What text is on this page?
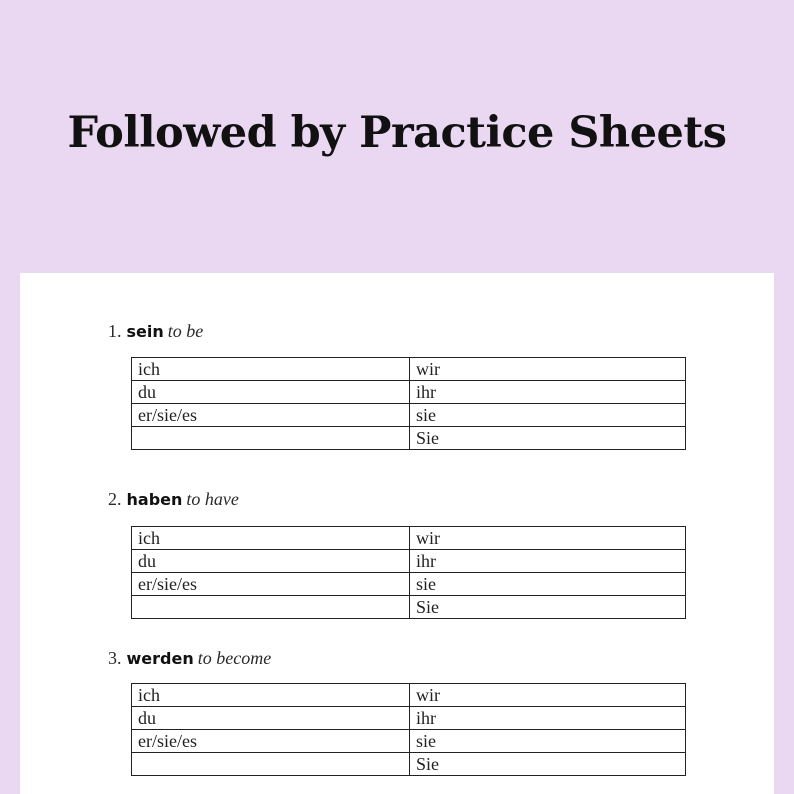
Followed by Practice Sheets
1. sein to be
ich	wir
du	ihr
er/sie/es	sie
	Sie
2. haben to have
ich	wir
du	ihr
er/sie/es	sie
	Sie
3. werden to become
ich	wir
du	ihr
er/sie/es	sie
	Sie
